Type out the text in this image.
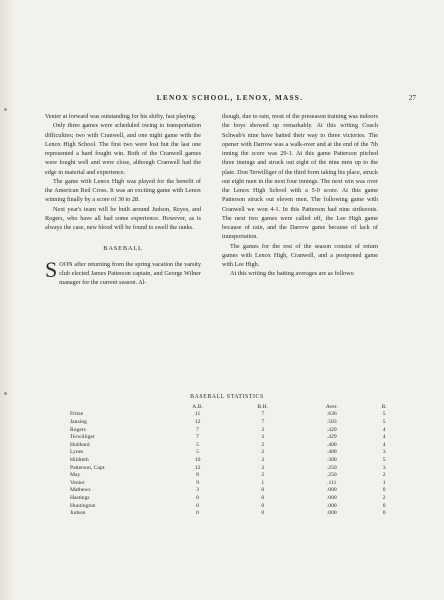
LENOX SCHOOL, LENOX, MASS.	27

Venier at forward was outstanding for his shifty, fast playing.

Only three games were scheduled owing to transportation difficulties; two with Cranwell, and one night game with the Lenox High School. The first two were lost but the last one represented a hard fought win. Both of the Cranwell games were fought well and were close, although Cranwell had the edge in material and experience.

The game with Lenox High was played for the benefit of the American Red Cross. It was an exciting game with Lenox winning finally by a score of 30 to 28.

Next year's team will be built around Judson, Reyes, and Rogers, who have all had some experience. However, as is always the case, new blood will be found to swell the ranks.

BASEBALL

SOON after returning from the spring vacation the varsity club elected James Patterson captain, and George Wilner manager for the current season. Al-

though, due to rain, most of the preseason training was indoors the boys showed up remarkably. At this writing Coach Schwab's nine have batted their way to three victories. The opener with Darrow was a walk-over and at the end of the 7th inning the score was 29-1. At this game Patterson pitched three innings and struck out eight of the nine men up to the plate. Don Terwilliger of the third form taking his place, struck out eight men in the next four innings. The next win was over the Lenox High School with a 5-0 score. At this game Patterson struck out eleven men. The following game with Cranwell we won 4-1. In this Patterson had nine strikeouts. The next two games were called off, the Lee High game because of rain, and the Darrow game because of lack of transportation.

The games for the rest of the season consist of return games with Lenox High, Cranwell, and a postponed game with Lee High.

At this writing the batting averages are as follows:

BASEBALL STATISTICS
	A.B.	B.H.	Aver.	R.
Fritze	11	7	.636	5
Jansing	12	7	.583	5
Rogers	7	3	.429	4
Terwilliger	7	3	.429	4
Hubbard	5	2	.400	4
Lynes	5	2	.400	3
Hildreth	10	3	.300	5
Patterson, Capt.	12	3	.250	3
May	8	2	.250	2
Venier	9	1	.111	1
Mathews	3	0	.000	0
Hastings	0	0	.000	2
Huntington	0	0	.000	0
Judson	0	0	.000	0
